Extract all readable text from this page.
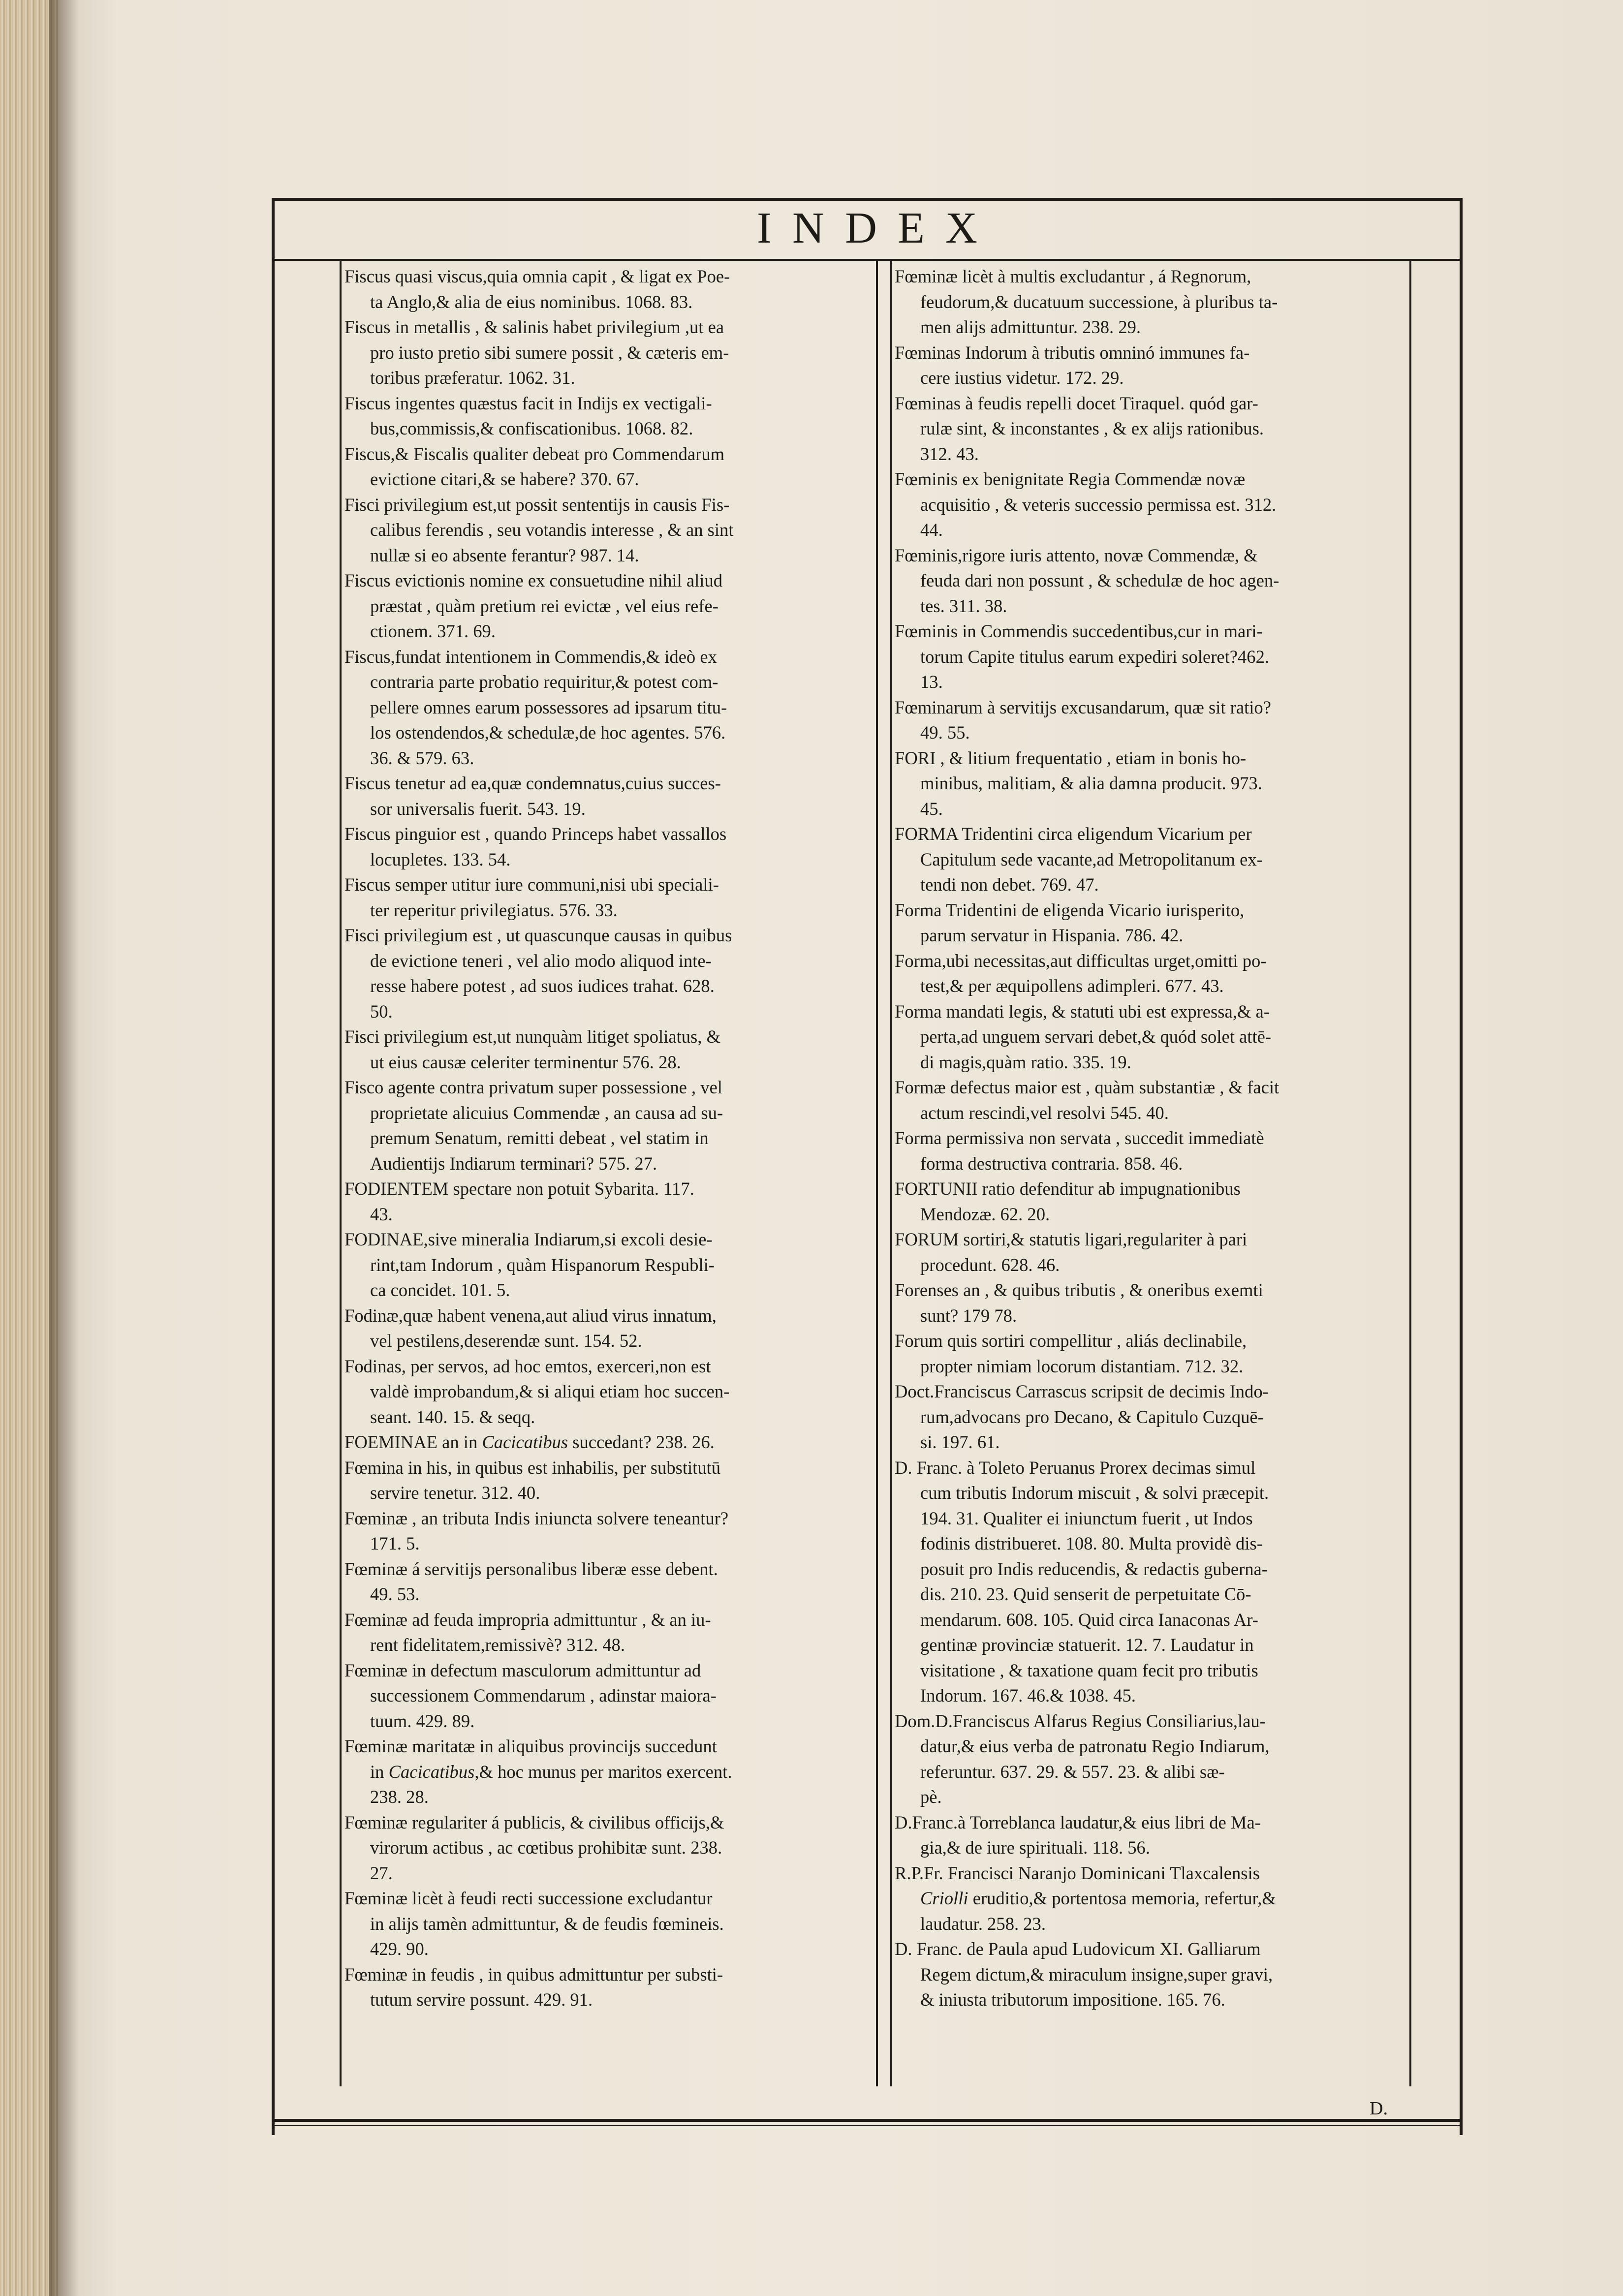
INDEX
Fiscus quasi viscus,quia omnia capit , & ligat ex Poe-
ta Anglo,& alia de eius nominibus. 1068. 83.
Fiscus in metallis , & salinis habet privilegium ,ut ea
pro iusto pretio sibi sumere possit , & cæteris em-
toribus præferatur. 1062. 31.
Fiscus ingentes quæstus facit in Indijs ex vectigali-
bus,commissis,& confiscationibus. 1068. 82.
Fiscus,& Fiscalis qualiter debeat pro Commendarum
evictione citari,& se habere? 370. 67.
Fisci privilegium est,ut possit sententijs in causis Fis-
calibus ferendis , seu votandis interesse , & an sint
nullæ si eo absente ferantur? 987. 14.
Fiscus evictionis nomine ex consuetudine nihil aliud
præstat , quàm pretium rei evictæ , vel eius refe-
ctionem. 371. 69.
Fiscus,fundat intentionem in Commendis,& ideò ex
contraria parte probatio requiritur,& potest com-
pellere omnes earum possessores ad ipsarum titu-
los ostendendos,& schedulæ,de hoc agentes. 576.
36. & 579. 63.
Fiscus tenetur ad ea,quæ condemnatus,cuius succes-
sor universalis fuerit. 543. 19.
Fiscus pinguior est , quando Princeps habet vassallos
locupletes. 133. 54.
Fiscus semper utitur iure communi,nisi ubi speciali-
ter reperitur privilegiatus. 576. 33.
Fisci privilegium est , ut quascunque causas in quibus
de evictione teneri , vel alio modo aliquod inte-
resse habere potest , ad suos iudices trahat. 628.
50.
Fisci privilegium est,ut nunquàm litiget spoliatus, &
ut eius causæ celeriter terminentur 576. 28.
Fisco agente contra privatum super possessione , vel
proprietate alicuius Commendæ , an causa ad su-
premum Senatum, remitti debeat , vel statim in
Audientijs Indiarum terminari? 575. 27.
FODIENTEM spectare non potuit Sybarita. 117.
43.
FODINAE,sive mineralia Indiarum,si excoli desie-
rint,tam Indorum , quàm Hispanorum Respubli-
ca concidet. 101. 5.
Fodinæ,quæ habent venena,aut aliud virus innatum,
vel pestilens,deserendæ sunt. 154. 52.
Fodinas, per servos, ad hoc emtos, exerceri,non est
valdè improbandum,& si aliqui etiam hoc succen-
seant. 140. 15. & seqq.
FOEMINAE an in Cacicatibus succedant? 238. 26.
Fœmina in his, in quibus est inhabilis, per substitutū
servire tenetur. 312. 40.
Fœminæ , an tributa Indis iniuncta solvere teneantur?
171. 5.
Fœminæ á servitijs personalibus liberæ esse debent.
49. 53.
Fœminæ ad feuda impropria admittuntur , & an iu-
rent fidelitatem,remissivè? 312. 48.
Fœminæ in defectum masculorum admittuntur ad
successionem Commendarum , adinstar maiora-
tuum. 429. 89.
Fœminæ maritatæ in aliquibus provincijs succedunt
in Cacicatibus,& hoc munus per maritos exercent.
238. 28.
Fœminæ regulariter á publicis, & civilibus officijs,&
virorum actibus , ac cœtibus prohibitæ sunt. 238.
27.
Fœminæ licèt à feudi recti successione excludantur
in alijs tamèn admittuntur, & de feudis fœmineis.
429. 90.
Fœminæ in feudis , in quibus admittuntur per substi-
tutum servire possunt. 429. 91.
Fœminæ licèt à multis excludantur , á Regnorum,
feudorum,& ducatuum successione, à pluribus ta-
men alijs admittuntur. 238. 29.
Fœminas Indorum à tributis omninó immunes fa-
cere iustius videtur. 172. 29.
Fœminas à feudis repelli docet Tiraquel. quód gar-
rulæ sint, & inconstantes , & ex alijs rationibus.
312. 43.
Fœminis ex benignitate Regia Commendæ novæ
acquisitio , & veteris successio permissa est. 312.
44.
Fœminis,rigore iuris attento, novæ Commendæ, &
feuda dari non possunt , & schedulæ de hoc agen-
tes. 311. 38.
Fœminis in Commendis succedentibus,cur in mari-
torum Capite titulus earum expediri soleret?462.
13.
Fœminarum à servitijs excusandarum, quæ sit ratio?
49. 55.
FORI , & litium frequentatio , etiam in bonis ho-
minibus, malitiam, & alia damna producit. 973.
45.
FORMA Tridentini circa eligendum Vicarium per
Capitulum sede vacante,ad Metropolitanum ex-
tendi non debet. 769. 47.
Forma Tridentini de eligenda Vicario iurisperito,
parum servatur in Hispania. 786. 42.
Forma,ubi necessitas,aut difficultas urget,omitti po-
test,& per æquipollens adimpleri. 677. 43.
Forma mandati legis, & statuti ubi est expressa,& a-
perta,ad unguem servari debet,& quód solet attē-
di magis,quàm ratio. 335. 19.
Formæ defectus maior est , quàm substantiæ , & facit
actum rescindi,vel resolvi 545. 40.
Forma permissiva non servata , succedit immediatè
forma destructiva contraria. 858. 46.
FORTUNII ratio defenditur ab impugnationibus
Mendozæ. 62. 20.
FORUM sortiri,& statutis ligari,regulariter à pari
procedunt. 628. 46.
Forenses an , & quibus tributis , & oneribus exemti
sunt? 179 78.
Forum quis sortiri compellitur , aliás declinabile,
propter nimiam locorum distantiam. 712. 32.
Doct.Franciscus Carrascus scripsit de decimis Indo-
rum,advocans pro Decano, & Capitulo Cuzquē-
si. 197. 61.
D. Franc. à Toleto Peruanus Prorex decimas simul
cum tributis Indorum miscuit , & solvi præcepit.
194. 31. Qualiter ei iniunctum fuerit , ut Indos
fodinis distribueret. 108. 80. Multa providè dis-
posuit pro Indis reducendis, & redactis guberna-
dis. 210. 23. Quid senserit de perpetuitate Cō-
mendarum. 608. 105. Quid circa Ianaconas Ar-
gentinæ provinciæ statuerit. 12. 7. Laudatur in
visitatione , & taxatione quam fecit pro tributis
Indorum. 167. 46.& 1038. 45.
Dom.D.Franciscus Alfarus Regius Consiliarius,lau-
datur,& eius verba de patronatu Regio Indiarum,
referuntur. 637. 29. & 557. 23. & alibi sæ-
pè.
D.Franc.à Torreblanca laudatur,& eius libri de Ma-
gia,& de iure spirituali. 118. 56.
R.P.Fr. Francisci Naranjo Dominicani Tlaxcalensis
Criolli eruditio,& portentosa memoria, refertur,&
laudatur. 258. 23.
D. Franc. de Paula apud Ludovicum XI. Galliarum
Regem dictum,& miraculum insigne,super gravi,
& iniusta tributorum impositione. 165. 76.
D.
